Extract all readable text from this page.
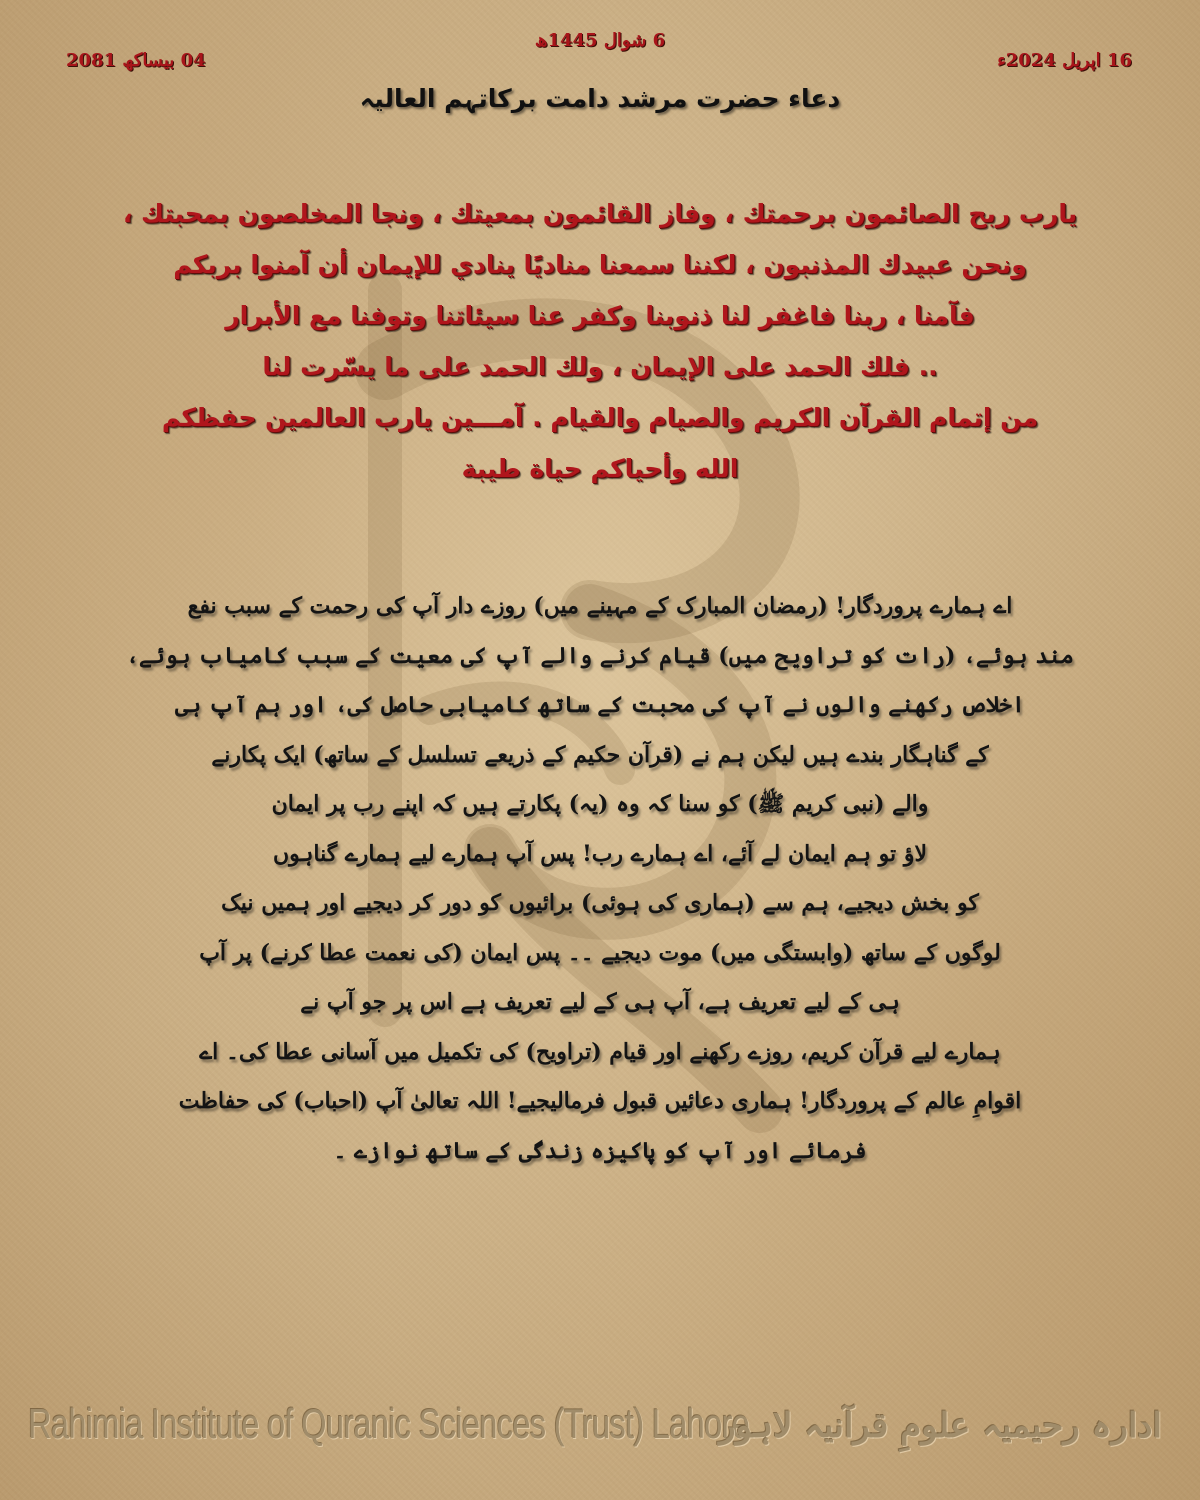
16 اپریل 2024ء
6 شوال 1445ھ
04 بیساکھ 2081
دعاء حضرت مرشد دامت برکاتہم العالیہ
يارب ربح الصائمون برحمتك ، وفاز القائمون بمعيتك ، ونجا المخلصون بمحبتك ،
ونحن عبيدك المذنبون ، لكننا سمعنا مناديًا ينادي للإيمان أن آمنوا بربكم
فآمنا ، ربنا فاغفر لنا ذنوبنا وكفر عنا سيئاتنا وتوفنا مع الأبرار
.. فلك الحمد على الإيمان ، ولك الحمد على ما يسّرت لنا
من إتمام القرآن الكريم والصيام والقيام . آمـــين يارب العالمين حفظكم
الله وأحياكم حياة طيبة
اے ہمارے پروردگار! (رمضان المبارک کے مہینے میں) روزے دار آپ کی رحمت کے سبب نفع
مند ہوئے، (رات کو تراویح میں) قیام کرنے والے آپ کی معیت کے سبب کامیاب ہوئے،
اخلاص رکھنے والوں نے آپ کی محبت کے ساتھ کامیابی حاصل کی، اور ہم آپ ہی
کے گناہگار بندے ہیں لیکن ہم نے (قرآن حکیم کے ذریعے تسلسل کے ساتھ) ایک پکارنے
والے (نبی کریم ﷺ) کو سنا کہ وہ (یہ) پکارتے ہیں کہ اپنے رب پر ایمان
لاؤ تو ہم ایمان لے آئے، اے ہمارے رب! پس آپ ہمارے لیے ہمارے گناہوں
کو بخش دیجیے، ہم سے (ہماری کی ہوئی) برائیوں کو دور کر دیجیے اور ہمیں نیک
لوگوں کے ساتھ (وابستگی میں) موت دیجیے ۔۔ پس ایمان (کی نعمت عطا کرنے) پر آپ
ہی کے لیے تعریف ہے، آپ ہی کے لیے تعریف ہے اس پر جو آپ نے
ہمارے لیے قرآن کریم، روزے رکھنے اور قیام (تراویح) کی تکمیل میں آسانی عطا کی۔ اے
اقوامِ عالم کے پروردگار! ہماری دعائیں قبول فرمالیجیے! اللہ تعالیٰ آپ (احباب) کی حفاظت
فرمائے اور آپ کو پاکیزہ زندگی کے ساتھ نوازے ۔
Rahimia Institute of Quranic Sciences (Trust) Lahore
ادارہ رحیمیہ علومِ قرآنیہ لاہور
